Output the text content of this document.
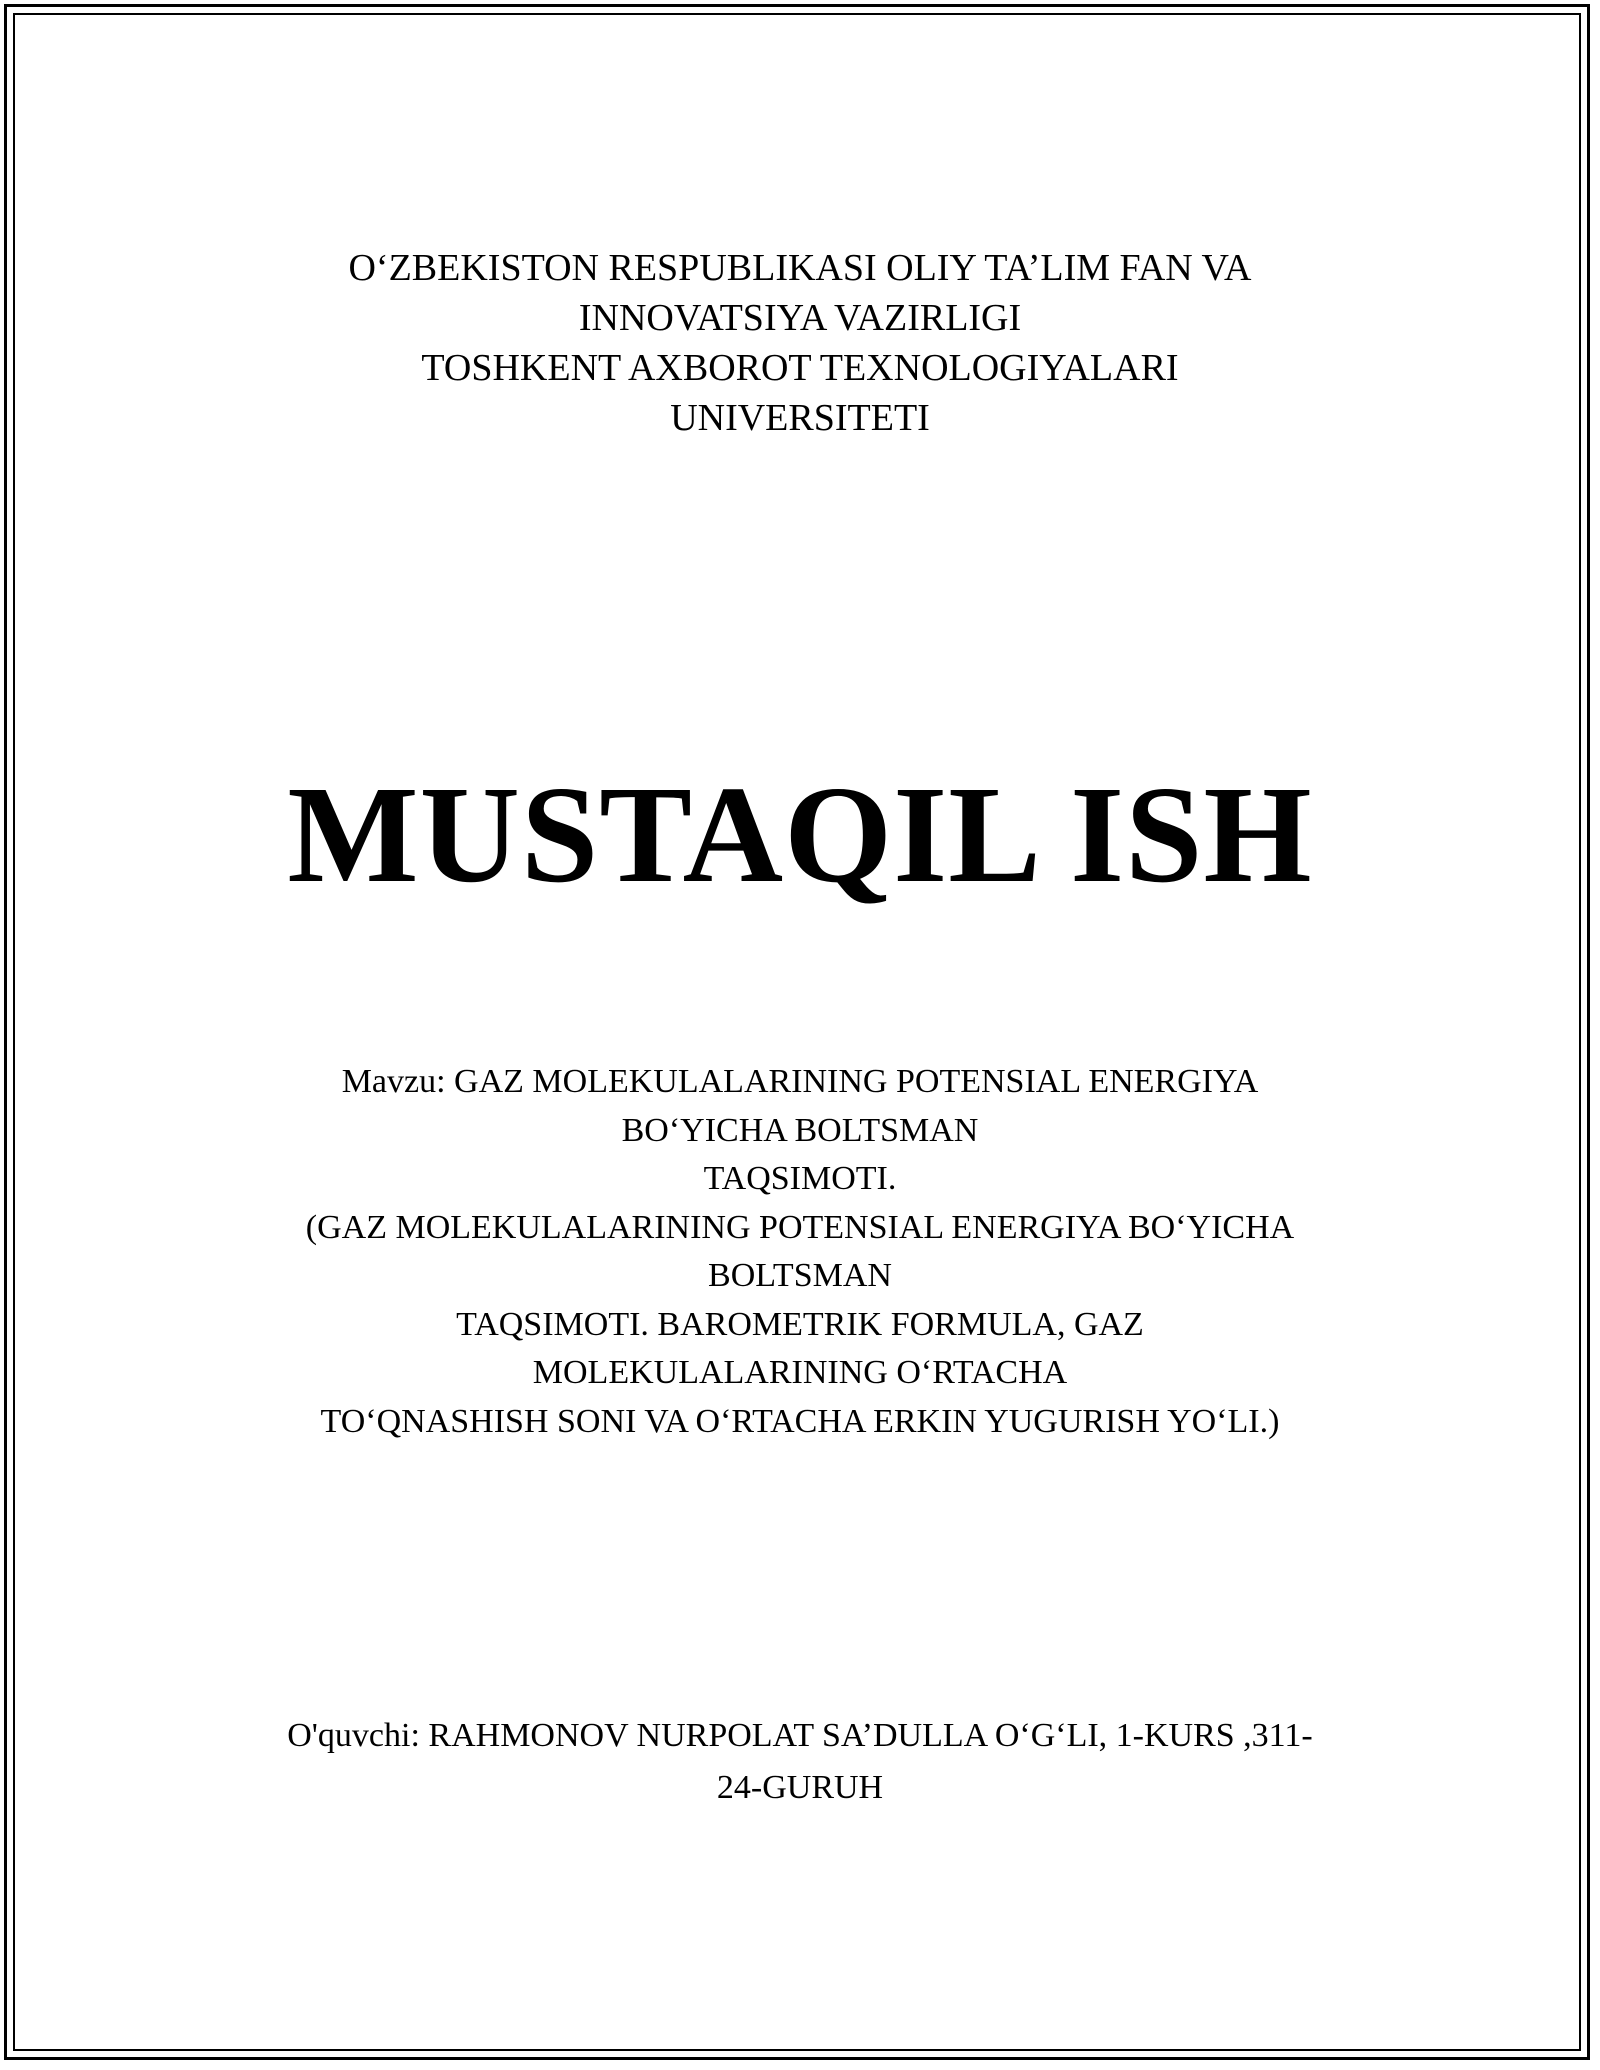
O‘ZBEKISTON RESPUBLIKASI OLIY TA’LIM FAN VA
INNOVATSIYA VAZIRLIGI
TOSHKENT AXBOROT TEXNOLOGIYALARI
UNIVERSITETI
MUSTAQIL ISH
Mavzu: GAZ MOLEKULALARINING POTENSIAL ENERGIYA
BO‘YICHA BOLTSMAN
TAQSIMOTI.
(GAZ MOLEKULALARINING POTENSIAL ENERGIYA BO‘YICHA
BOLTSMAN
TAQSIMOTI. BAROMETRIK FORMULA, GAZ
MOLEKULALARINING O‘RTACHA
TO‘QNASHISH SONI VA O‘RTACHA ERKIN YUGURISH YO‘LI.)
O'quvchi: RAHMONOV NURPOLAT SA’DULLA O‘G‘LI, 1-KURS ,311-
24-GURUH
